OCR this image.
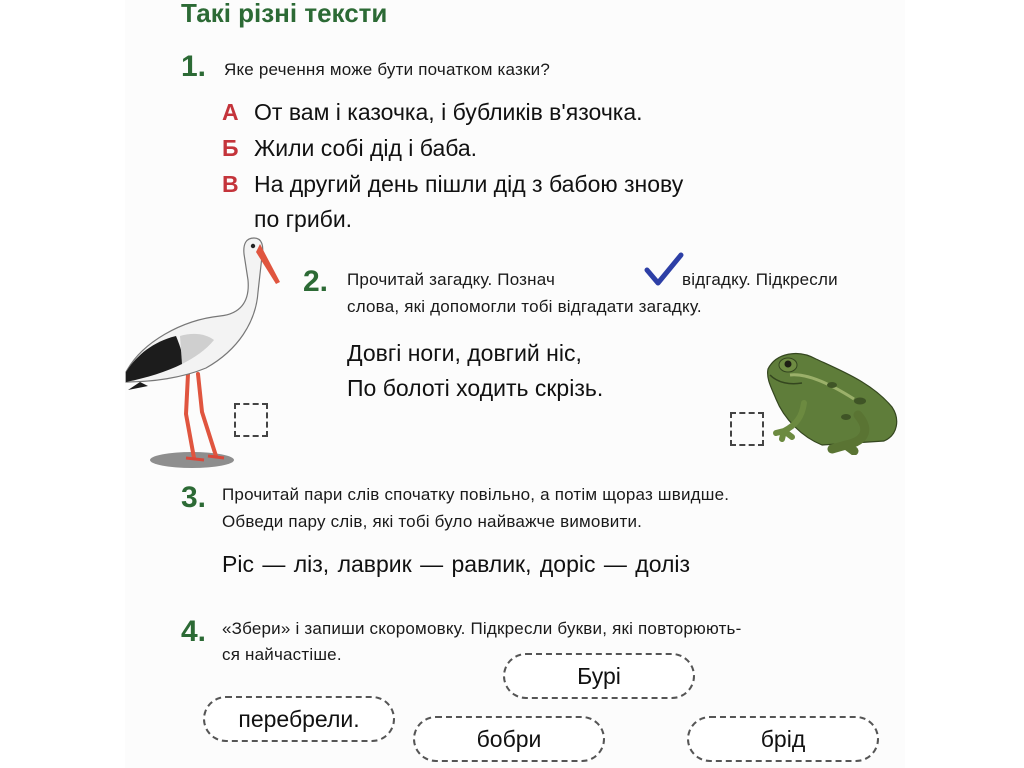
Такі різні тексти
1. Яке речення може бути початком казки?
А От вам і казочка, і бубликів в'язочка.
Б Жили собі дід і баба.
В На другий день пішли дід з бабою знову
по гриби.
2. Прочитай загадку. Познач	відгадку. Підкресли
слова, які допомогли тобі відгадати загадку.
Довгі ноги, довгий ніс,
По болоті ходить скрізь.
3. Прочитай пари слів спочатку повільно, а потім щораз швидше.
Обведи пару слів, які тобі було найважче вимовити.
Ріс — ліз, лаврик — равлик, доріс — доліз
4. «Збери» і запиши скоромовку. Підкресли букви, які повторюють-
ся найчастіше.
Бурі
перебрели.
бобри	брід
